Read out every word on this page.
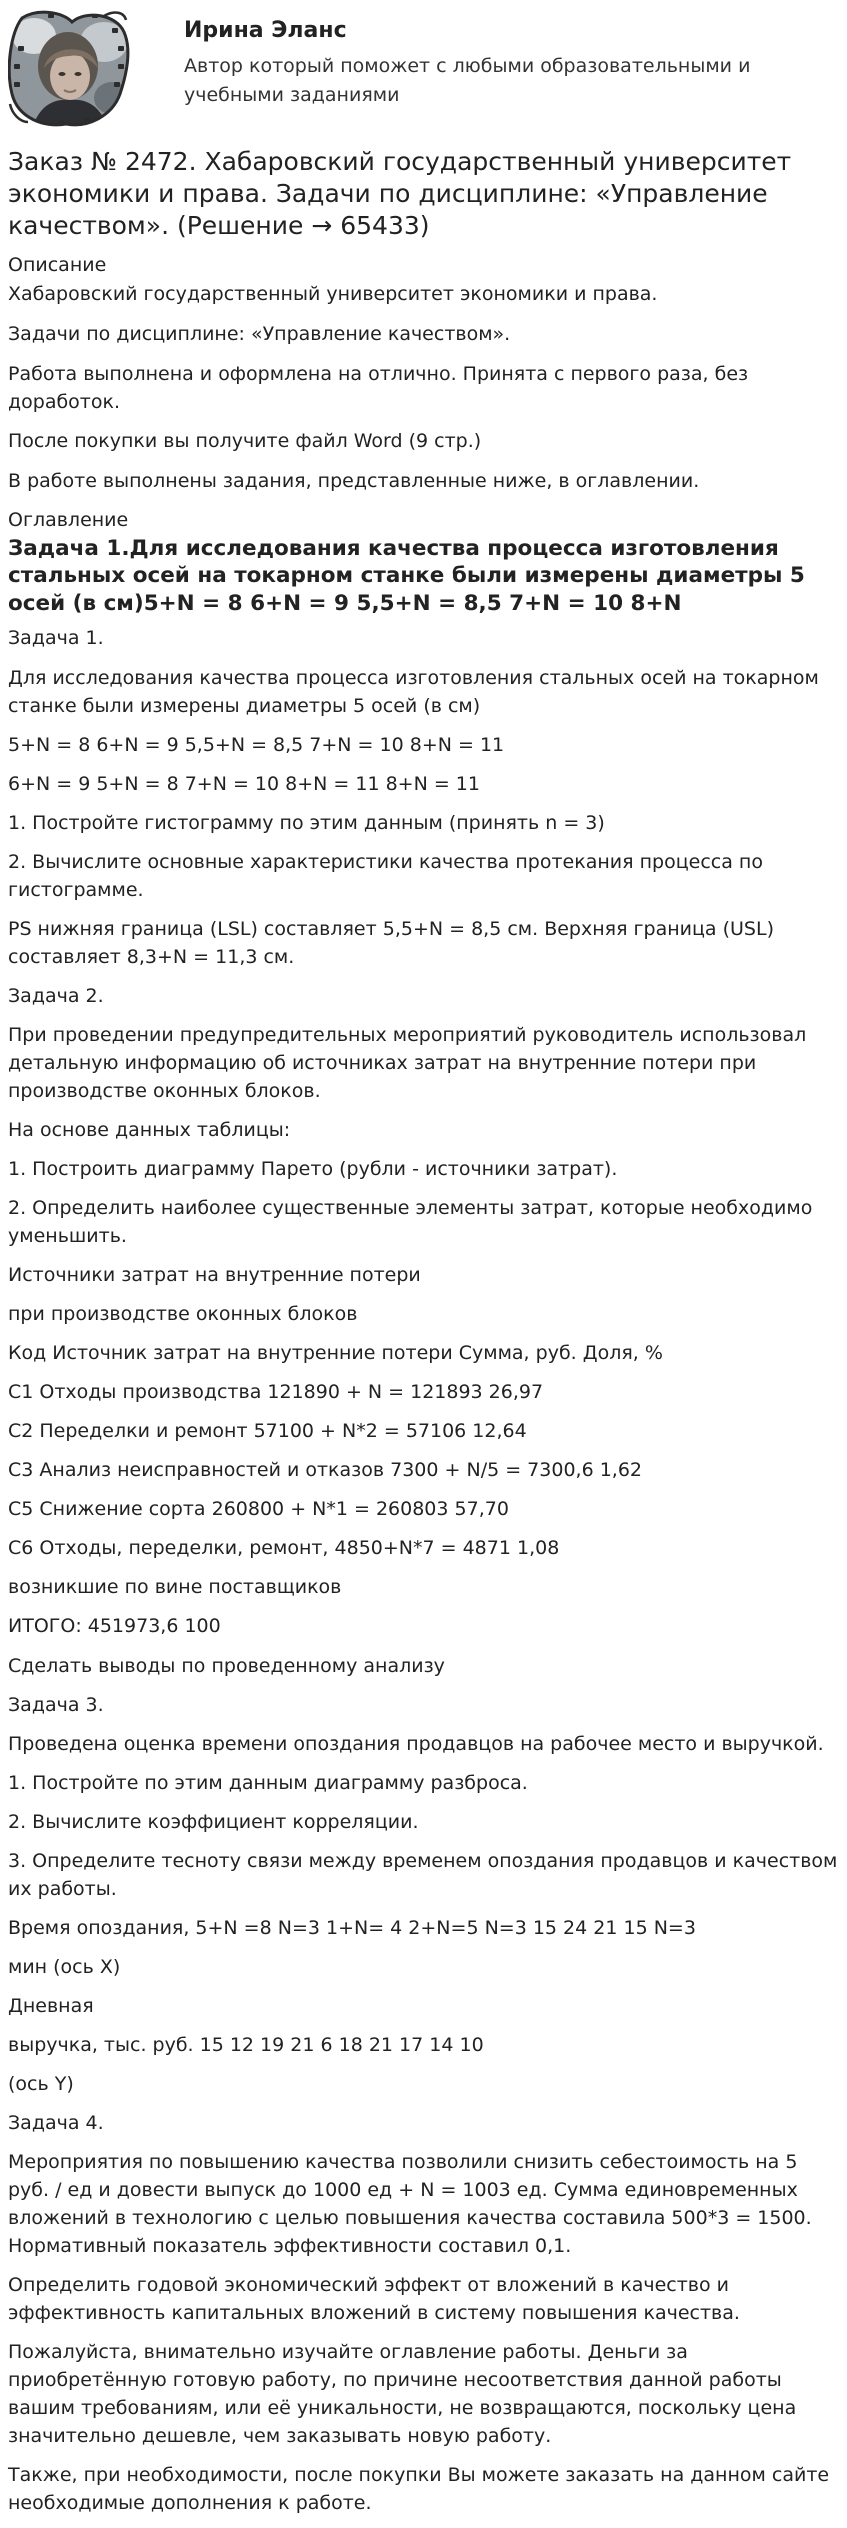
Ирина Эланс

Автор который поможет с любыми образовательными и учебными заданиями

Заказ № 2472. Хабаровский государственный университет экономики и права. Задачи по дисциплине: «Управление качеством». (Решение → 65433)
Описание

Хабаровский государственный университет экономики и права.

Задачи по дисциплине: «Управление качеством».

Работа выполнена и оформлена на отлично. Принята с первого раза, без доработок.

После покупки вы получите файл Word (9 стр.)

В работе выполнены задания, представленные ниже, в оглавлении.

Оглавление
Задача 1.Для исследования качества процесса изготовления стальных осей на токарном станке были измерены диаметры 5 осей (в см)5+N = 8 6+N = 9 5,5+N = 8,5 7+N = 10 8+N

Задача 1.

Для исследования качества процесса изготовления стальных осей на токарном станке были измерены диаметры 5 осей (в см)

5+N = 8 6+N = 9 5,5+N = 8,5 7+N = 10 8+N = 11

6+N = 9 5+N = 8 7+N = 10 8+N = 11 8+N = 11

1. Постройте гистограмму по этим данным (принять n = 3)

2. Вычислите основные характеристики качества протекания процесса по гистограмме.

PS нижняя граница (LSL) составляет 5,5+N = 8,5 см. Верхняя граница (USL) составляет 8,3+N = 11,3 см.

Задача 2.

При проведении предупредительных мероприятий руководитель использовал детальную информацию об источниках затрат на внутренние потери при производстве оконных блоков.

На основе данных таблицы:

1. Построить диаграмму Парето (рубли - источники затрат).

2. Определить наиболее существенные элементы затрат, которые необходимо уменьшить.

Источники затрат на внутренние потери

при производстве оконных блоков

Код Источник затрат на внутренние потери Сумма, руб. Доля, %

С1 Отходы производства 121890 + N = 121893 26,97

С2 Переделки и ремонт 57100 + N*2 = 57106 12,64

С3 Анализ неисправностей и отказов 7300 + N/5 = 7300,6 1,62

С5 Снижение сорта 260800 + N*1 = 260803 57,70

С6 Отходы, переделки, ремонт, 4850+N*7 = 4871 1,08

возникшие по вине поставщиков

ИТОГО: 451973,6 100

Сделать выводы по проведенному анализу

Задача 3.

Проведена оценка времени опоздания продавцов на рабочее место и выручкой.

1. Постройте по этим данным диаграмму разброса.

2. Вычислите коэффициент корреляции.

3. Определите тесноту связи между временем опоздания продавцов и качеством их работы.

Время опоздания, 5+N =8 N=3 1+N= 4 2+N=5 N=3 15 24 21 15 N=3

мин (ось X)

Дневная

выручка, тыс. руб. 15 12 19 21 6 18 21 17 14 10

(ось Y)

Задача 4.

Мероприятия по повышению качества позволили снизить себестоимость на 5 руб. / ед и довести выпуск до 1000 ед + N = 1003 ед. Сумма единовременных вложений в технологию с целью повышения качества составила 500*3 = 1500. Нормативный показатель эффективности составил 0,1.

Определить годовой экономический эффект от вложений в качество и эффективность капитальных вложений в систему повышения качества.

Пожалуйста, внимательно изучайте оглавление работы. Деньги за приобретённую готовую работу, по причине несоответствия данной работы вашим требованиям, или её уникальности, не возвращаются, поскольку цена значительно дешевле, чем заказывать новую работу.

Также, при необходимости, после покупки Вы можете заказать на данном сайте необходимые дополнения к работе.
